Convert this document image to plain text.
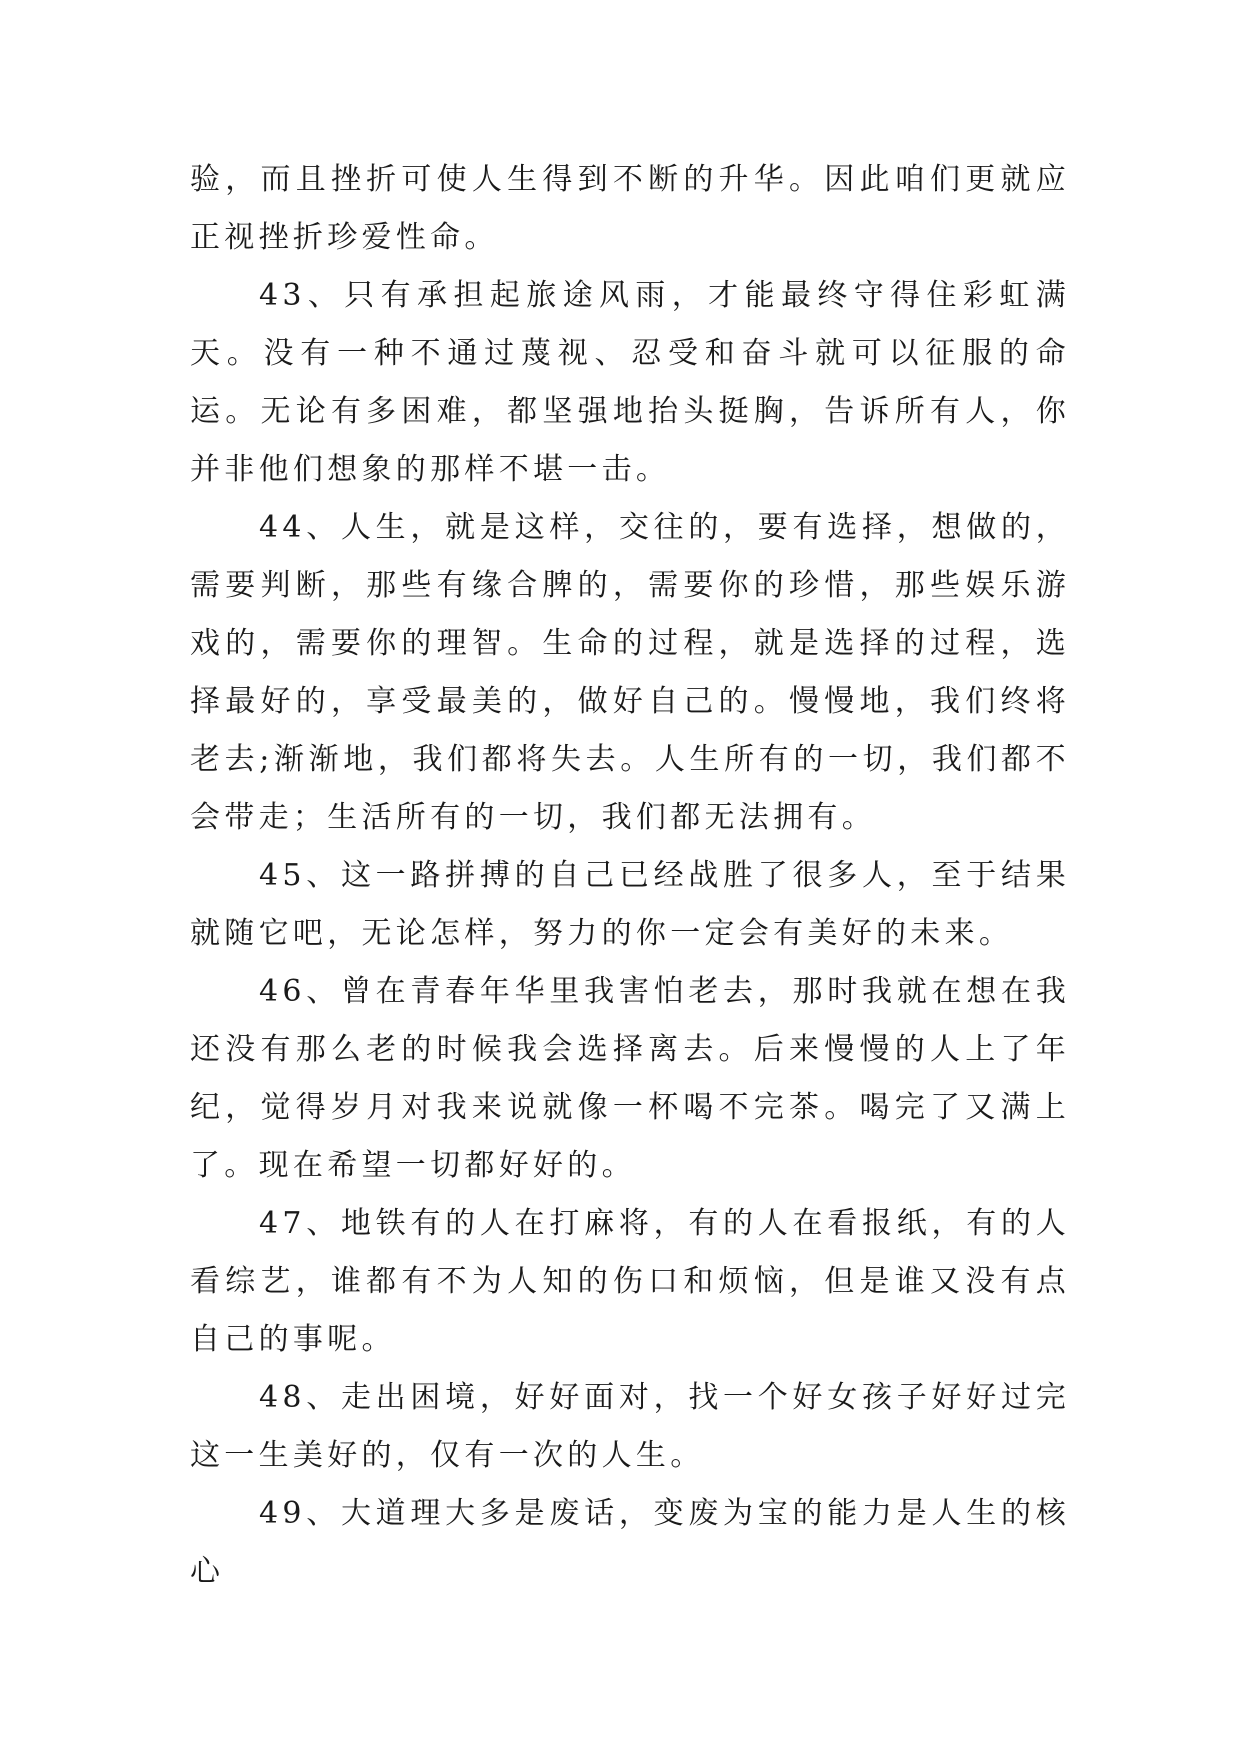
验，而且挫折可使人生得到不断的升华。因此咱们更就应正视挫折珍爱性命。

43、只有承担起旅途风雨，才能最终守得住彩虹满天。没有一种不通过蔑视、忍受和奋斗就可以征服的命运。无论有多困难，都坚强地抬头挺胸，告诉所有人，你并非他们想象的那样不堪一击。

44、人生，就是这样，交往的，要有选择，想做的，需要判断，那些有缘合脾的，需要你的珍惜，那些娱乐游戏的，需要你的理智。生命的过程，就是选择的过程，选择最好的，享受最美的，做好自己的。慢慢地，我们终将老去;渐渐地，我们都将失去。人生所有的一切，我们都不会带走；生活所有的一切，我们都无法拥有。

45、这一路拼搏的自己已经战胜了很多人，至于结果就随它吧，无论怎样，努力的你一定会有美好的未来。

46、曾在青春年华里我害怕老去，那时我就在想在我还没有那么老的时候我会选择离去。后来慢慢的人上了年纪，觉得岁月对我来说就像一杯喝不完茶。喝完了又满上了。现在希望一切都好好的。

47、地铁有的人在打麻将，有的人在看报纸，有的人看综艺，谁都有不为人知的伤口和烦恼，但是谁又没有点自己的事呢。

48、走出困境，好好面对，找一个好女孩子好好过完这一生美好的，仅有一次的人生。

49、大道理大多是废话，变废为宝的能力是人生的核心
